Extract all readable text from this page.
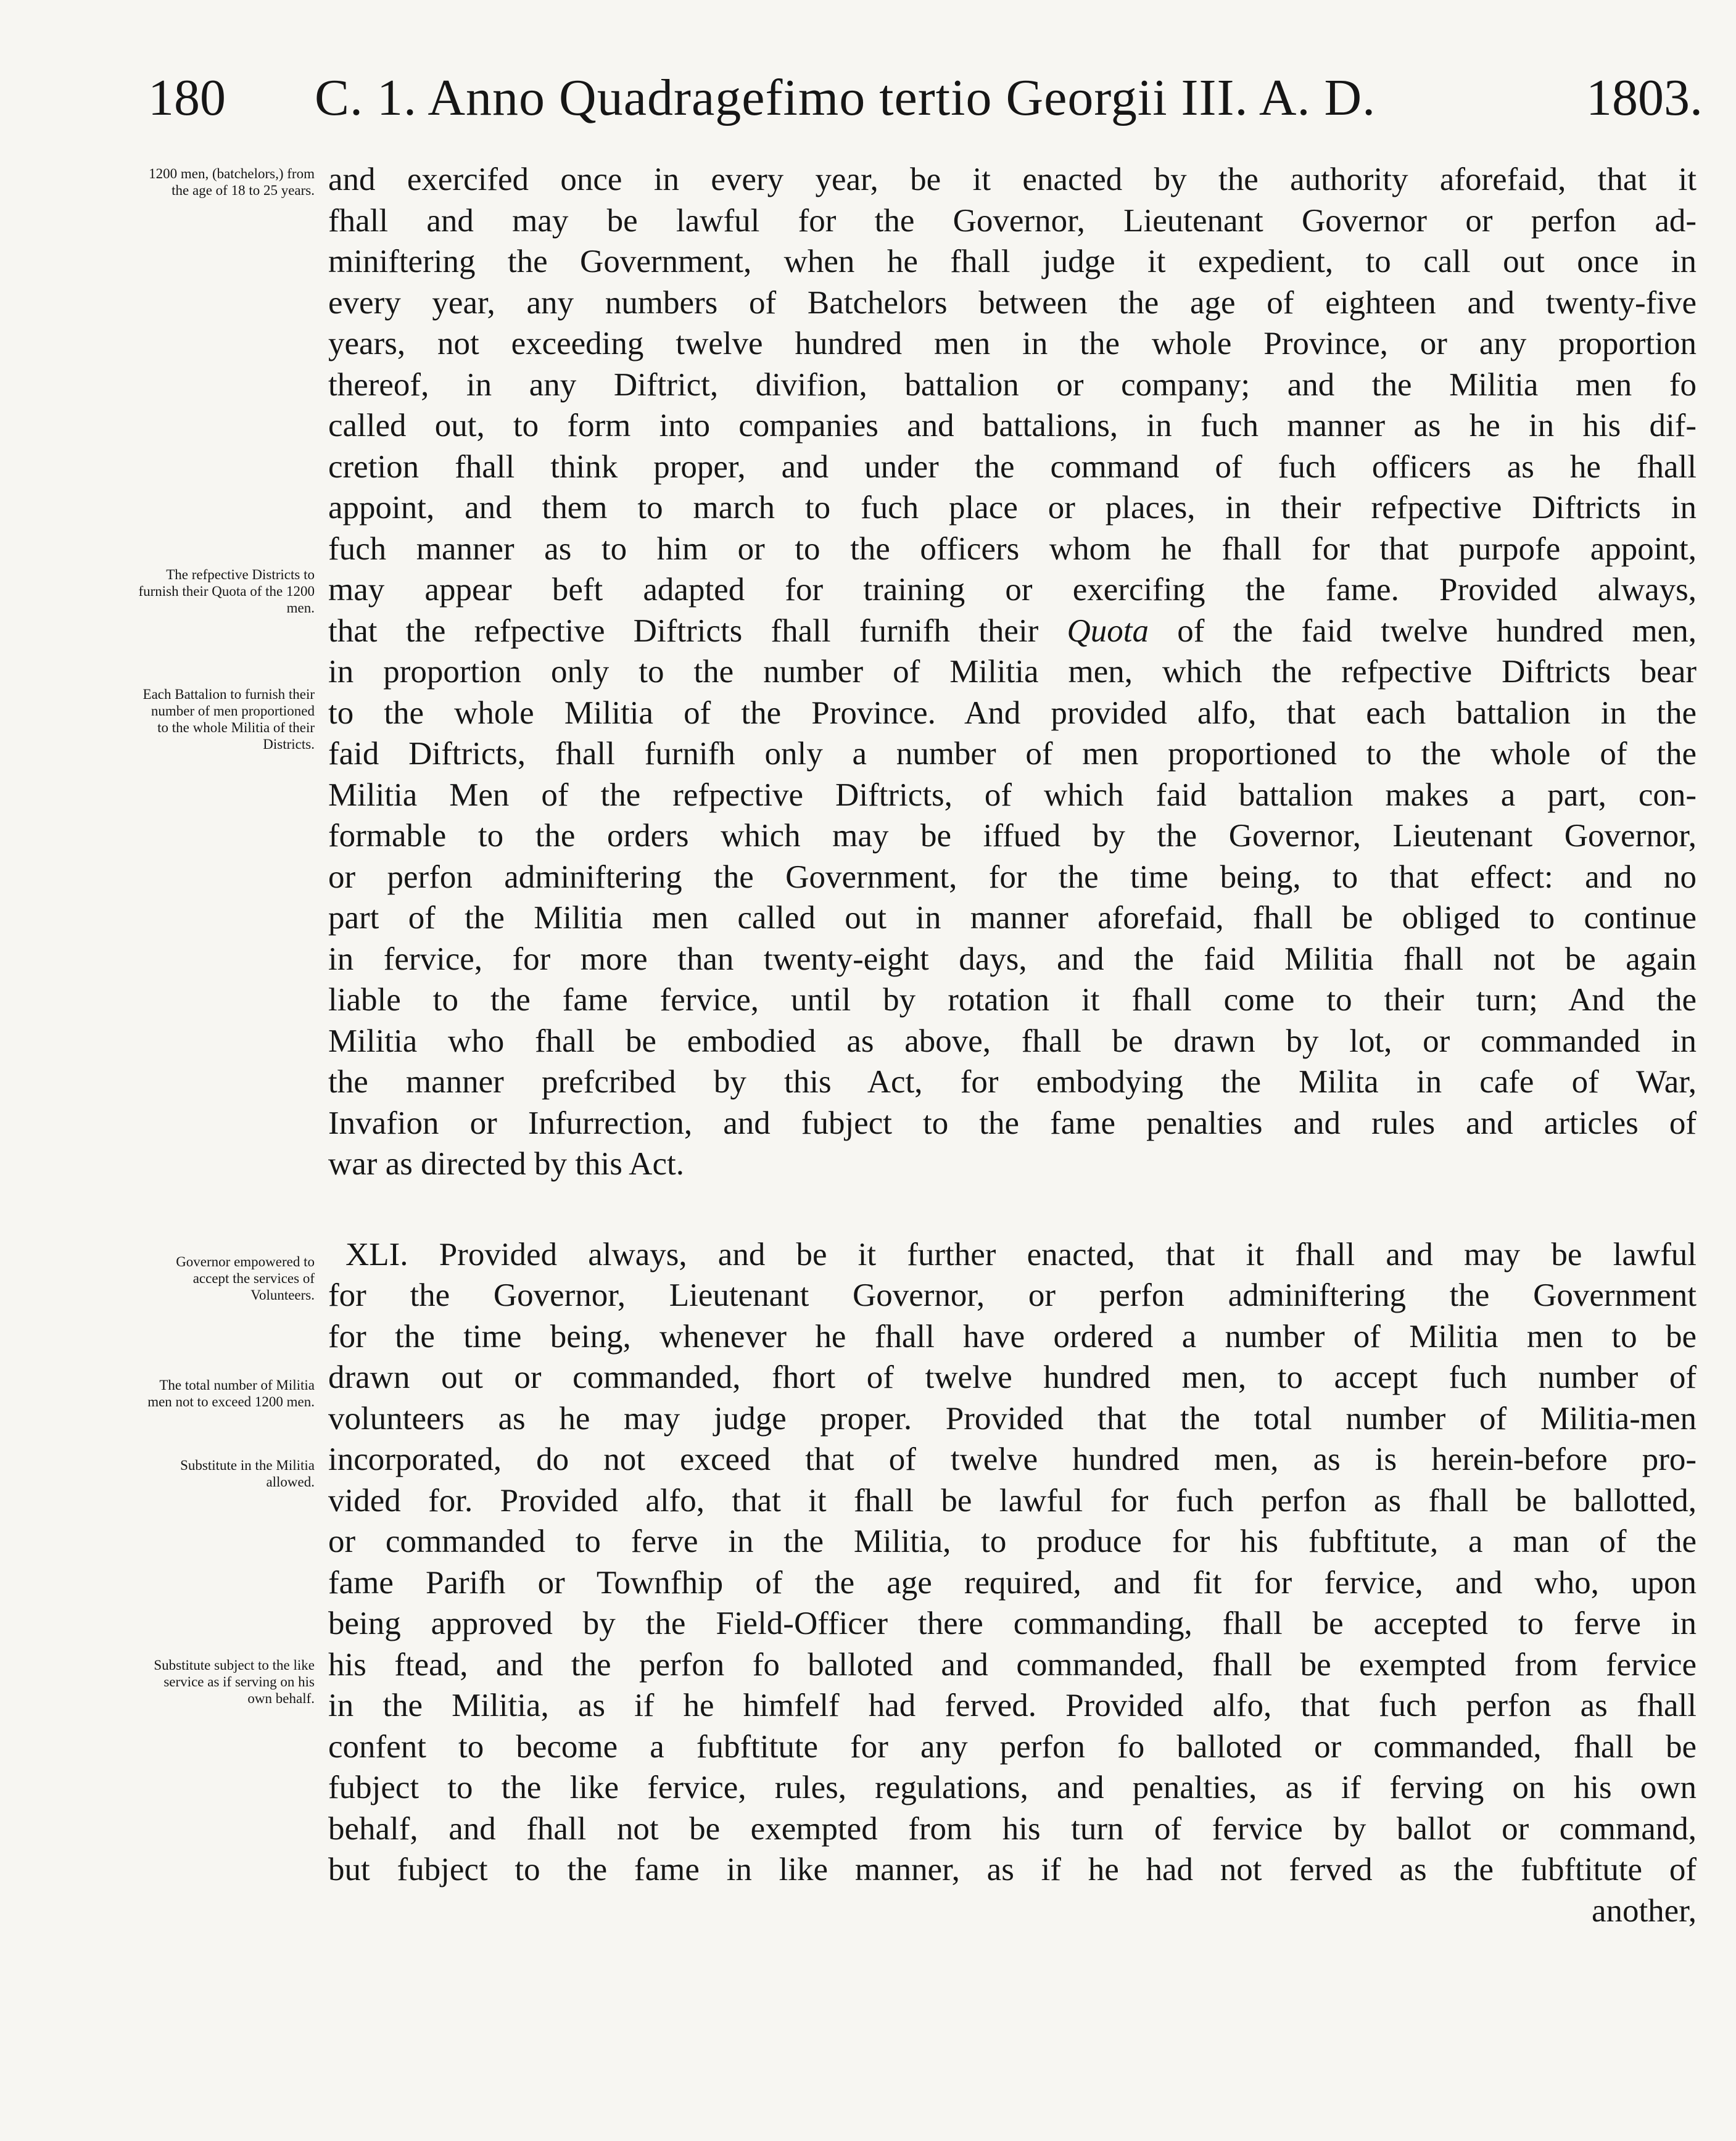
180 C. 1. Anno Quadragefimo tertio Georgii III. A. D.	1803.
1200 men, (batchelors,) from the age of 18 to 25 years.
The refpective Districts to furnish their Quota of the 1200 men.
Each Battalion to furnish their number of men proportioned to the whole Militia of their Districts.
Governor empowered to accept the services of Volunteers.
The total number of Militia men not to exceed 1200 men.
Substitute in the Militia allowed.
Substitute subject to the like service as if serving on his own behalf.
and exercifed once in every year, be it enacted by the authority aforefaid, that it
fhall and may be lawful for the Governor, Lieutenant Governor or perfon ad-
miniftering the Government, when he fhall judge it expedient, to call out once in
every year, any numbers of Batchelors between the age of eighteen and twenty-five
years, not exceeding twelve hundred men in the whole Province, or any proportion
thereof, in any Diftrict, divifion, battalion or company; and the Militia men fo
called out, to form into companies and battalions, in fuch manner as he in his dif-
cretion fhall think proper, and under the command of fuch officers as he fhall
appoint, and them to march to fuch place or places, in their refpective Diftricts in
fuch manner as to him or to the officers whom he fhall for that purpofe appoint,
may appear beft adapted for training or exercifing the fame. Provided always,
that the refpective Diftricts fhall furnifh their Quota of the faid twelve hundred men,
in proportion only to the number of Militia men, which the refpective Diftricts bear
to the whole Militia of the Province. And provided alfo, that each battalion in the
faid Diftricts, fhall furnifh only a number of men proportioned to the whole of the
Militia Men of the refpective Diftricts, of which faid battalion makes a part, con-
formable to the orders which may be iffued by the Governor, Lieutenant Governor,
or perfon adminiftering the Government, for the time being, to that effect: and no
part of the Militia men called out in manner aforefaid, fhall be obliged to continue
in fervice, for more than twenty-eight days, and the faid Militia fhall not be again
liable to the fame fervice, until by rotation it fhall come to their turn; And the
Militia who fhall be embodied as above, fhall be drawn by lot, or commanded in
the manner prefcribed by this Act, for embodying the Milita in cafe of War,
Invafion or Infurrection, and fubject to the fame penalties and rules and articles of
war as directed by this Act.
XLI. Provided always, and be it further enacted, that it fhall and may be lawful
for the Governor, Lieutenant Governor, or perfon adminiftering the Government
for the time being, whenever he fhall have ordered a number of Militia men to be
drawn out or commanded, fhort of twelve hundred men, to accept fuch number of
volunteers as he may judge proper. Provided that the total number of Militia-men
incorporated, do not exceed that of twelve hundred men, as is herein-before pro-
vided for. Provided alfo, that it fhall be lawful for fuch perfon as fhall be ballotted,
or commanded to ferve in the Militia, to produce for his fubftitute, a man of the
fame Parifh or Townfhip of the age required, and fit for fervice, and who, upon
being approved by the Field-Officer there commanding, fhall be accepted to ferve in
his ftead, and the perfon fo balloted and commanded, fhall be exempted from fervice
in the Militia, as if he himfelf had ferved. Provided alfo, that fuch perfon as fhall
confent to become a fubftitute for any perfon fo balloted or commanded, fhall be
fubject to the like fervice, rules, regulations, and penalties, as if ferving on his own
behalf, and fhall not be exempted from his turn of fervice by ballot or command,
but fubject to the fame in like manner, as if he had not ferved as the fubftitute of
another,
